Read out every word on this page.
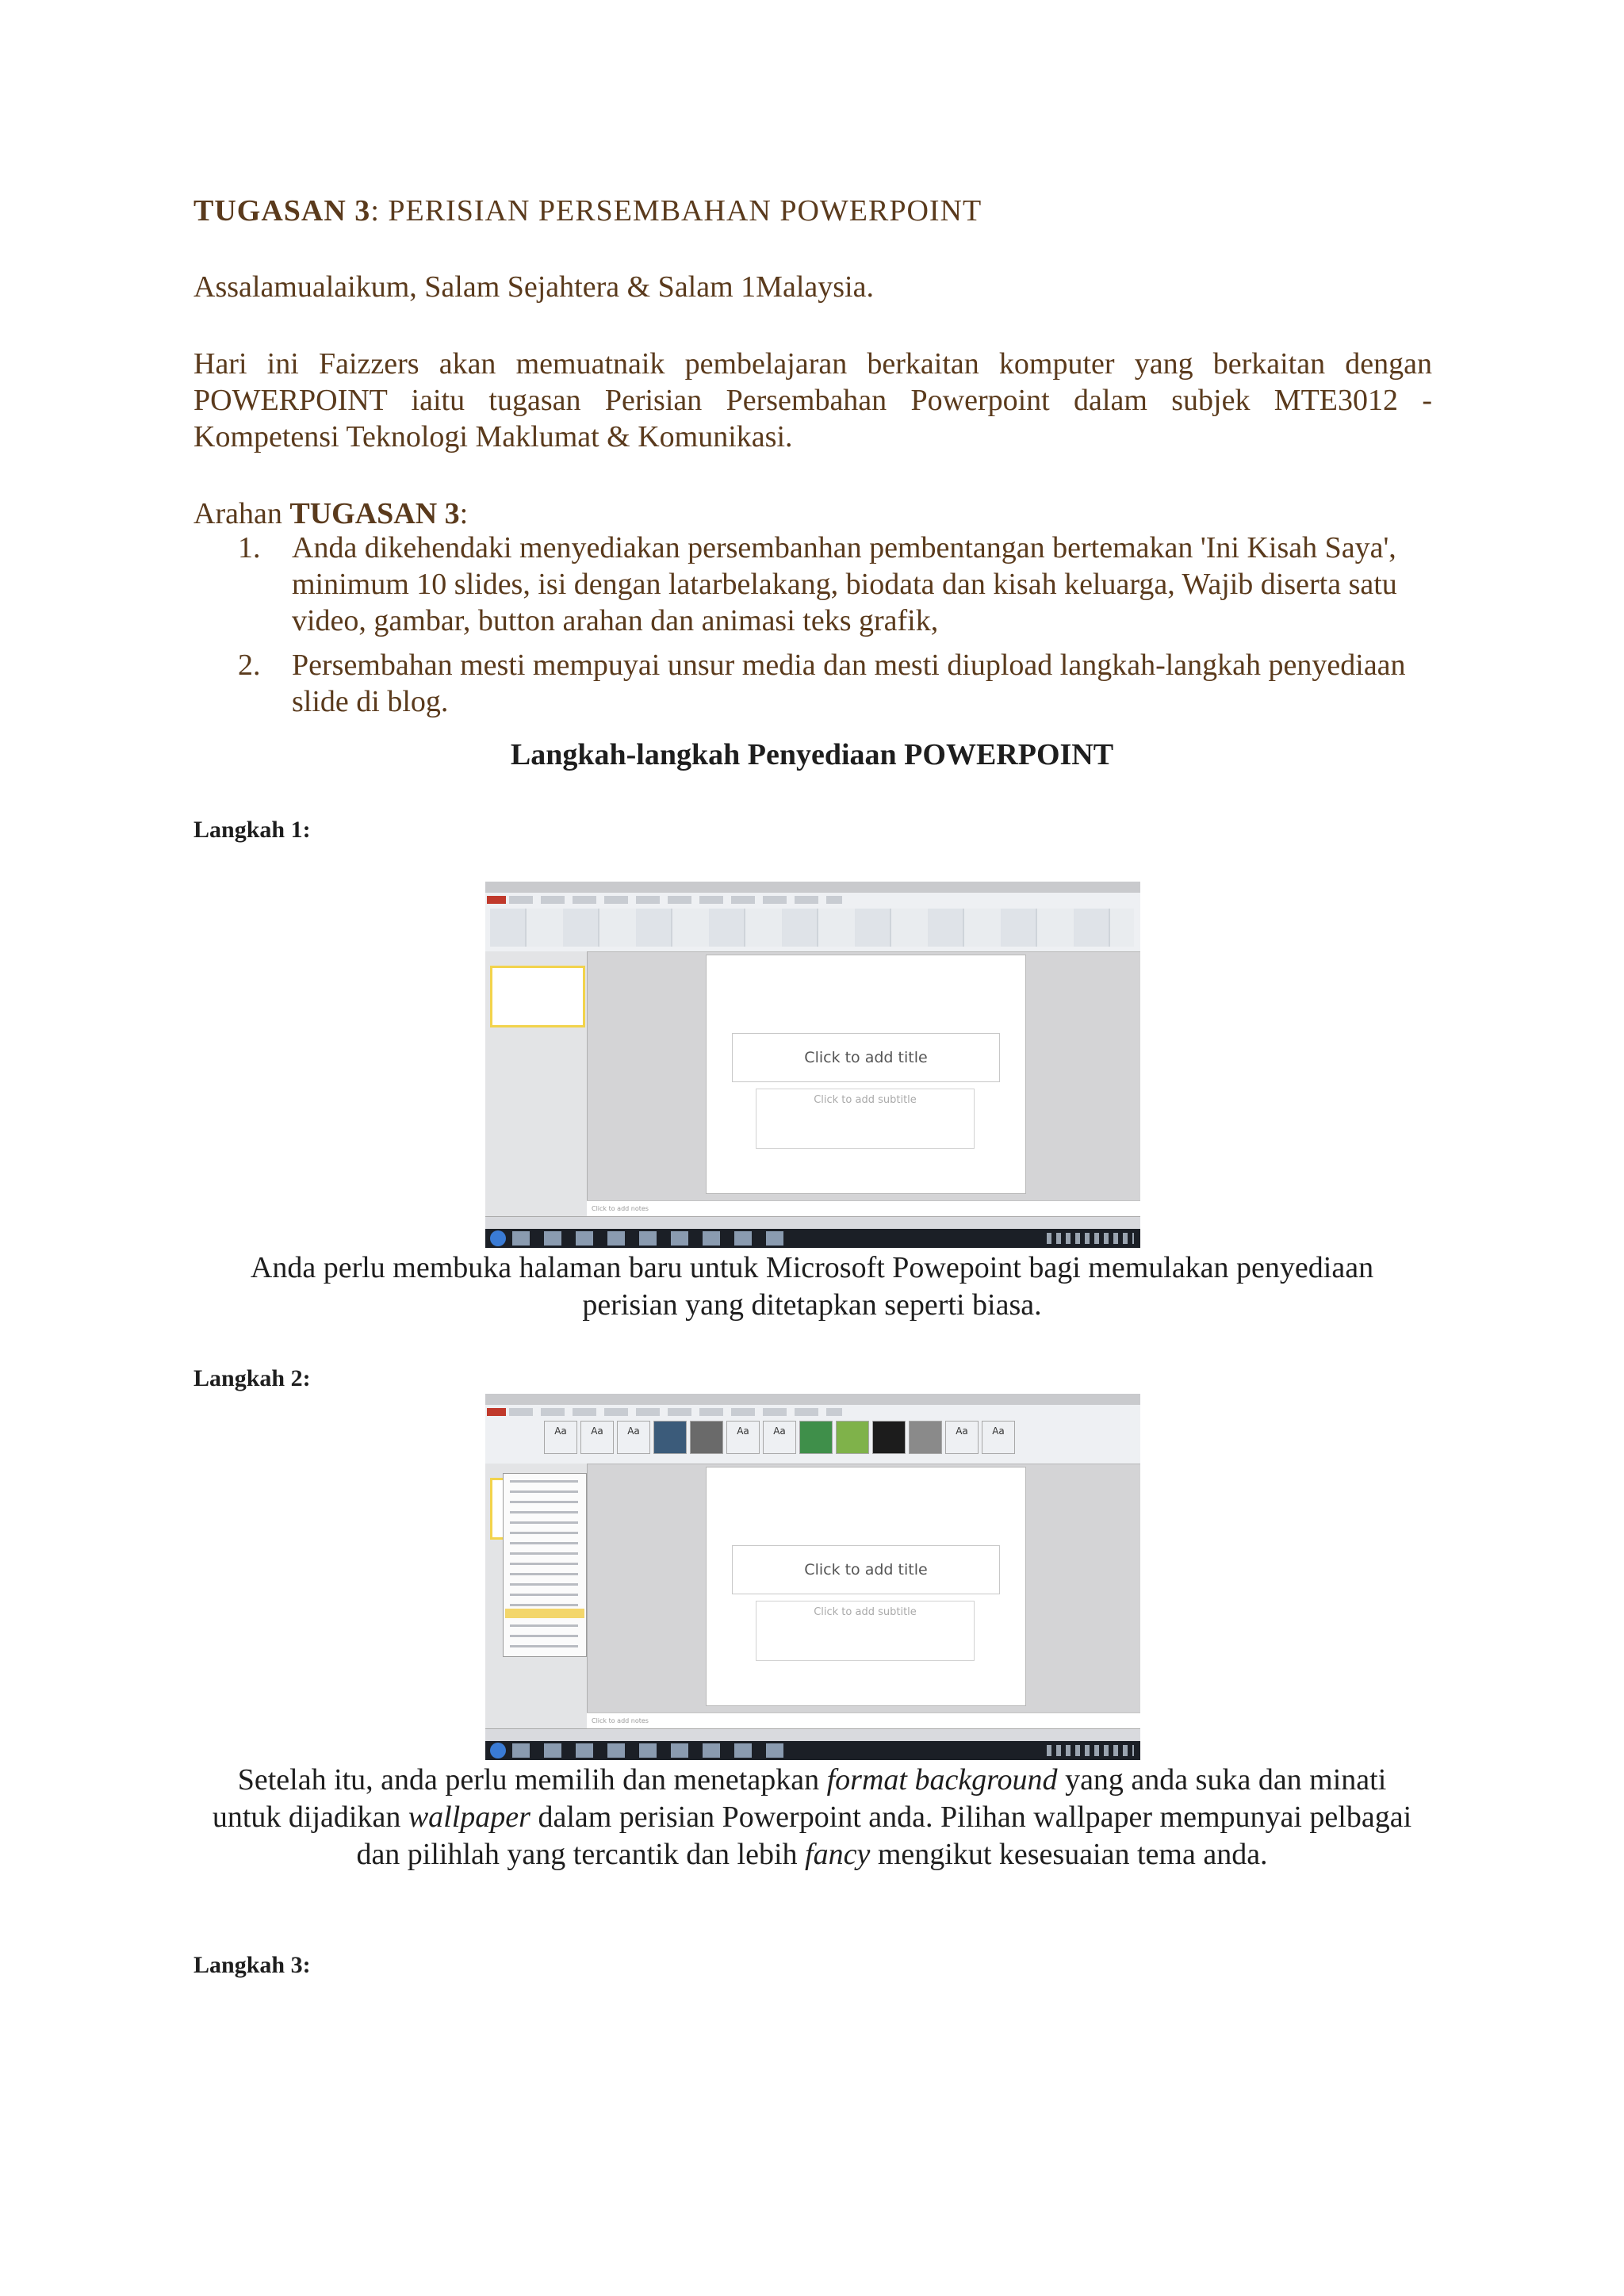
TUGASAN 3: PERISIAN PERSEMBAHAN POWERPOINT
Assalamualaikum, Salam Sejahtera & Salam 1Malaysia.
Hari ini Faizzers akan memuatnaik pembelajaran berkaitan komputer yang berkaitan dengan POWERPOINT iaitu tugasan Perisian Persembahan Powerpoint dalam subjek MTE3012 - Kompetensi Teknologi Maklumat & Komunikasi.
Arahan TUGASAN 3:
1. Anda dikehendaki menyediakan persembanhan pembentangan bertemakan 'Ini Kisah Saya', minimum 10 slides, isi dengan latarbelakang, biodata dan kisah keluarga, Wajib diserta satu video, gambar, button arahan dan animasi teks grafik,
2. Persembahan mesti mempuyai unsur media dan mesti diupload langkah-langkah penyediaan slide di blog.
Langkah-langkah Penyediaan POWERPOINT
Langkah 1:
Click to add title
Click to add subtitle
Click to add notes
Anda perlu membuka halaman baru untuk Microsoft Powepoint bagi memulakan penyediaan perisian yang ditetapkan seperti biasa.
Langkah 2:
Aa	Aa	Aa	Aa	Aa	Aa	Aa
Click to add title
Click to add subtitle
Click to add notes
Setelah itu, anda perlu memilih dan menetapkan format background yang anda suka dan minati untuk dijadikan wallpaper dalam perisian Powerpoint anda. Pilihan wallpaper mempunyai pelbagai dan pilihlah yang tercantik dan lebih fancy mengikut kesesuaian tema anda.
Langkah 3:
